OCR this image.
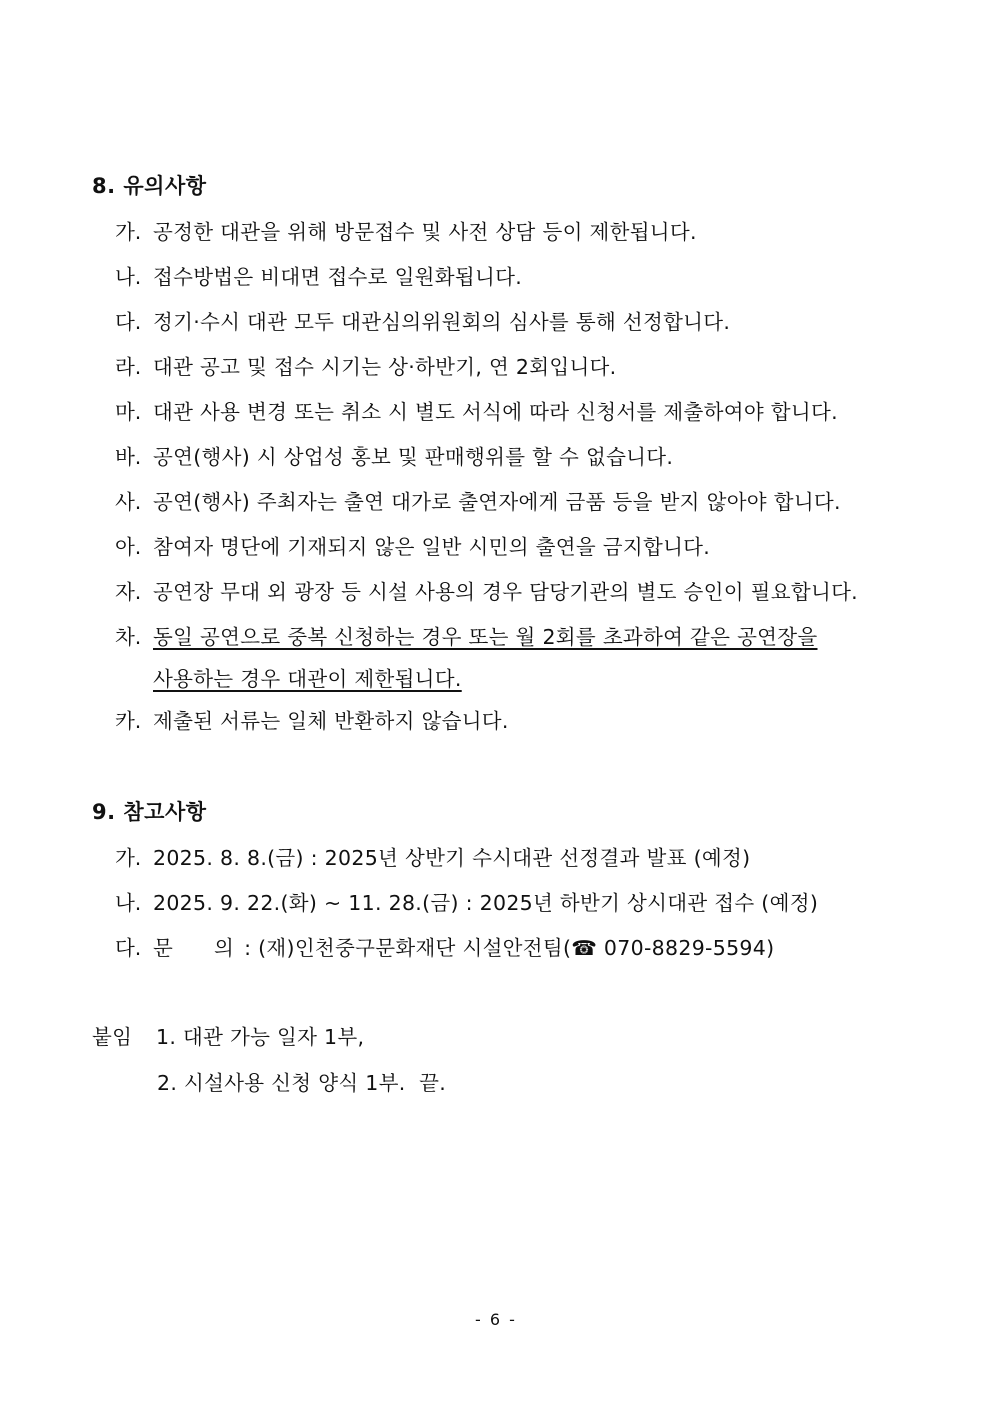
8. 유의사항
가. 공정한 대관을 위해 방문접수 및 사전 상담 등이 제한됩니다.
나. 접수방법은 비대면 접수로 일원화됩니다.
다. 정기·수시 대관 모두 대관심의위원회의 심사를 통해 선정합니다.
라. 대관 공고 및 접수 시기는 상·하반기, 연 2회입니다.
마. 대관 사용 변경 또는 취소 시 별도 서식에 따라 신청서를 제출하여야 합니다.
바. 공연(행사) 시 상업성 홍보 및 판매행위를 할 수 없습니다.
사. 공연(행사) 주최자는 출연 대가로 출연자에게 금품 등을 받지 않아야 합니다.
아. 참여자 명단에 기재되지 않은 일반 시민의 출연을 금지합니다.
자. 공연장 무대 외 광장 등 시설 사용의 경우 담당기관의 별도 승인이 필요합니다.
차. 동일 공연으로 중복 신청하는 경우 또는 월 2회를 초과하여 같은 공연장을
사용하는 경우 대관이 제한됩니다.
카. 제출된 서류는 일체 반환하지 않습니다.
9. 참고사항
가. 2025. 8. 8.(금) : 2025년 상반기 수시대관 선정결과 발표 (예정)
나. 2025. 9. 22.(화) ~ 11. 28.(금) : 2025년 하반기 상시대관 접수 (예정)
다. 문      의 : (재)인천중구문화재단 시설안전팀(☎ 070-8829-5594)
붙임 1. 대관 가능 일자 1부,
2. 시설사용 신청 양식 1부.  끝.
- 6 -
